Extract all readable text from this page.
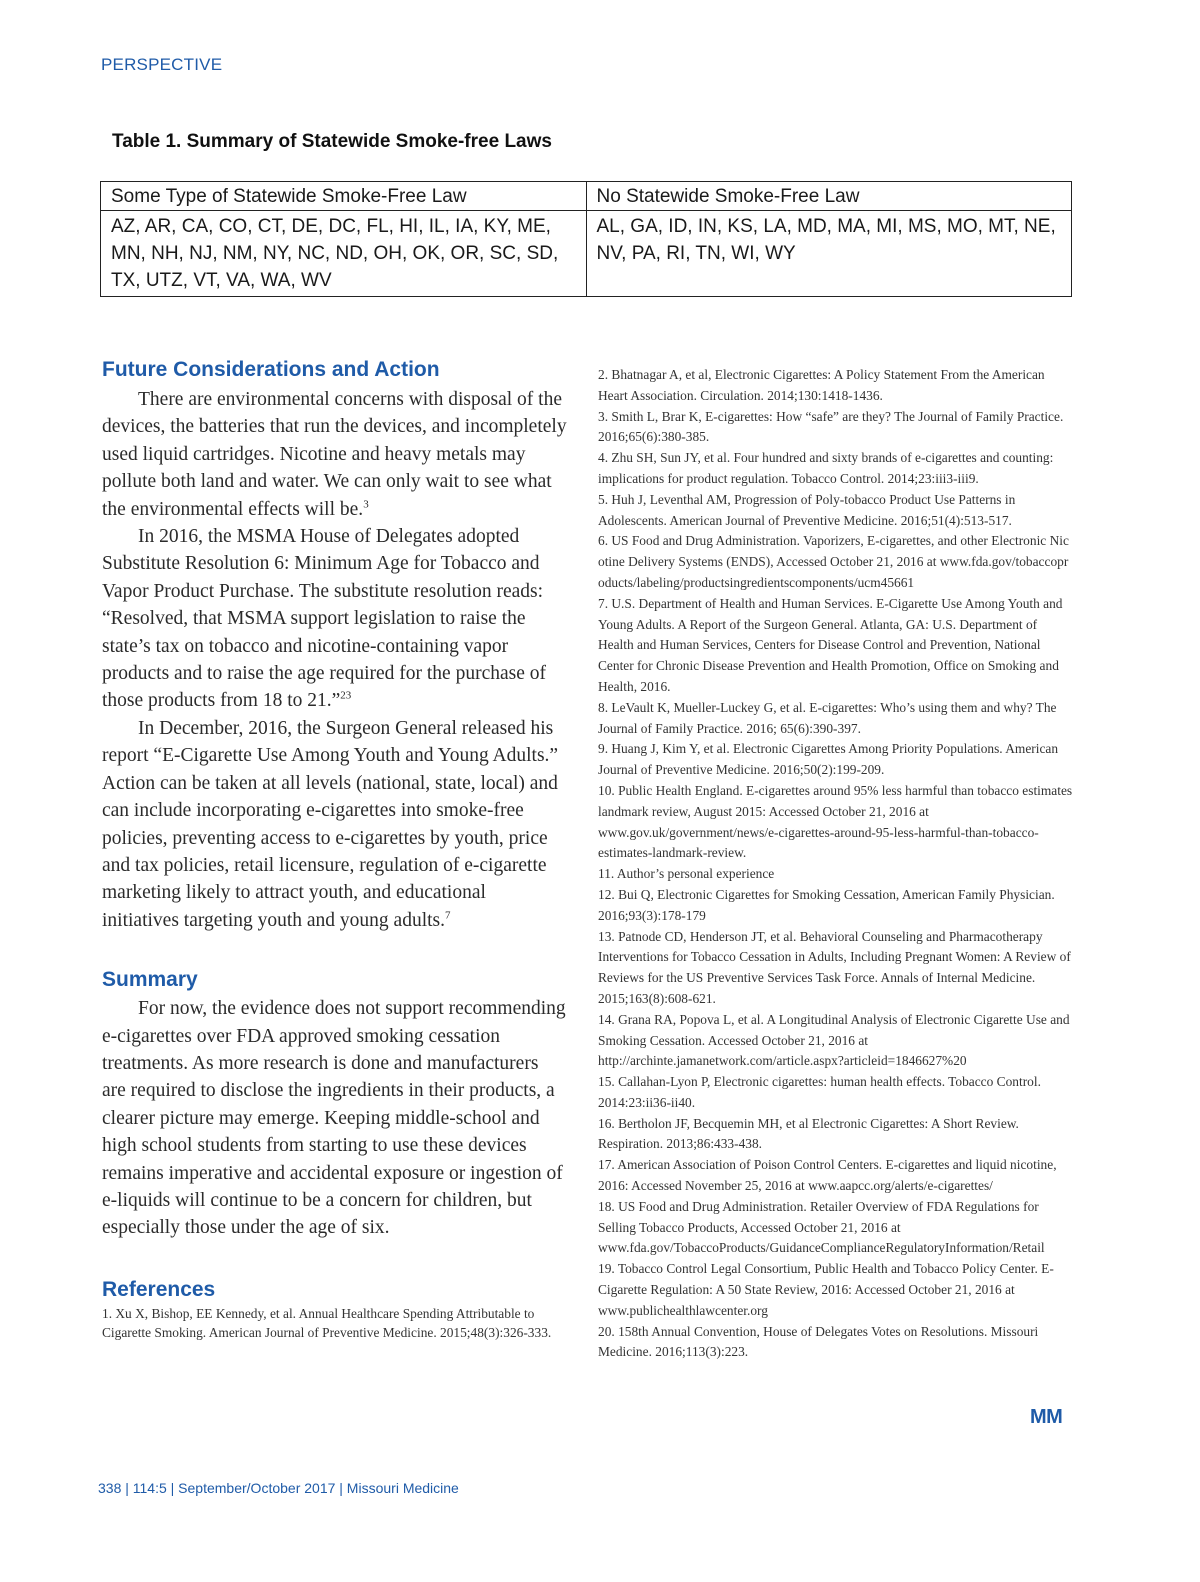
PERSPECTIVE
Table 1. Summary of Statewide Smoke-free Laws
Some Type of Statewide Smoke-Free Law	No Statewide Smoke-Free Law
AZ, AR, CA, CO, CT, DE, DC, FL, HI, IL, IA, KY, ME, MN, NH, NJ, NM, NY, NC, ND, OH, OK, OR, SC, SD, TX, UTZ, VT, VA, WA, WV	AL, GA, ID, IN, KS, LA, MD, MA, MI, MS, MO, MT, NE, NV, PA, RI, TN, WI, WY
Future Considerations and Action

There are environmental concerns with disposal of the devices, the batteries that run the devices, and incompletely used liquid cartridges. Nicotine and heavy metals may pollute both land and water. We can only wait to see what the environmental effects will be.$^3$

In 2016, the MSMA House of Delegates adopted Substitute Resolution 6: Minimum Age for Tobacco and Vapor Product Purchase. The substitute resolution reads: “Resolved, that MSMA support legislation to raise the state’s tax on tobacco and nicotine-containing vapor products and to raise the age required for the purchase of those products from 18 to 21.”$^{23}$

In December, 2016, the Surgeon General released his report “E-Cigarette Use Among Youth and Young Adults.” Action can be taken at all levels (national, state, local) and can include incorporating e-cigarettes into smoke-free policies, preventing access to e-cigarettes by youth, price and tax policies, retail licensure, regulation of e-cigarette marketing likely to attract youth, and educational initiatives targeting youth and young adults.$^7$

Summary

For now, the evidence does not support recommending e-cigarettes over FDA approved smoking cessation treatments. As more research is done and manufacturers are required to disclose the ingredients in their products, a clearer picture may emerge. Keeping middle-school and high school students from starting to use these devices remains imperative and accidental exposure or ingestion of e-liquids will continue to be a concern for children, but especially those under the age of six.

References
1. Xu X, Bishop, EE Kennedy, et al. Annual Healthcare Spending Attributable to Cigarette Smoking. American Journal of Preventive Medicine. 2015;48(3):326-333.
2. Bhatnagar A, et al, Electronic Cigarettes: A Policy Statement From the American Heart Association. Circulation. 2014;130:1418-1436.
3. Smith L, Brar K, E-cigarettes: How “safe” are they? The Journal of Family Practice. 2016;65(6):380-385.
4. Zhu SH, Sun JY, et al. Four hundred and sixty brands of e-cigarettes and counting: implications for product regulation. Tobacco Control. 2014;23:iii3-iii9.
5. Huh J, Leventhal AM, Progression of Poly-tobacco Product Use Patterns in Adolescents. American Journal of Preventive Medicine. 2016;51(4):513-517.
6. US Food and Drug Administration. Vaporizers, E-cigarettes, and other Electronic Nicotine Delivery Systems (ENDS), Accessed October 21, 2016 at www.fda.gov/tobaccoproducts/labeling/productsingredientscomponents/ucm45661
7. U.S. Department of Health and Human Services. E-Cigarette Use Among Youth and Young Adults. A Report of the Surgeon General. Atlanta, GA: U.S. Department of Health and Human Services, Centers for Disease Control and Prevention, National Center for Chronic Disease Prevention and Health Promotion, Office on Smoking and Health, 2016.
8. LeVault K, Mueller-Luckey G, et al. E-cigarettes: Who’s using them and why? The Journal of Family Practice. 2016; 65(6):390-397.
9. Huang J, Kim Y, et al. Electronic Cigarettes Among Priority Populations. American Journal of Preventive Medicine. 2016;50(2):199-209.
10. Public Health England. E-cigarettes around 95% less harmful than tobacco estimates landmark review, August 2015: Accessed October 21, 2016 at www.gov.uk/government/news/e-cigarettes-around-95-less-harmful-than-tobacco-estimates-landmark-review.
11. Author’s personal experience
12. Bui Q, Electronic Cigarettes for Smoking Cessation, American Family Physician. 2016;93(3):178-179
13. Patnode CD, Henderson JT, et al. Behavioral Counseling and Pharmacotherapy Interventions for Tobacco Cessation in Adults, Including Pregnant Women: A Review of Reviews for the US Preventive Services Task Force. Annals of Internal Medicine. 2015;163(8):608-621.
14. Grana RA, Popova L, et al. A Longitudinal Analysis of Electronic Cigarette Use and Smoking Cessation. Accessed October 21, 2016 at http://archinte.jamanetwork.com/article.aspx?articleid=1846627%20
15. Callahan-Lyon P, Electronic cigarettes: human health effects. Tobacco Control. 2014:23:ii36-ii40.
16. Bertholon JF, Becquemin MH, et al Electronic Cigarettes: A Short Review. Respiration. 2013;86:433-438.
17. American Association of Poison Control Centers. E-cigarettes and liquid nicotine, 2016: Accessed November 25, 2016 at www.aapcc.org/alerts/e-cigarettes/
18. US Food and Drug Administration. Retailer Overview of FDA Regulations for Selling Tobacco Products, Accessed October 21, 2016 at www.fda.gov/TobaccoProducts/GuidanceComplianceRegulatoryInformation/Retail
19. Tobacco Control Legal Consortium, Public Health and Tobacco Policy Center. E-Cigarette Regulation: A 50 State Review, 2016: Accessed October 21, 2016 at www.publichealthlawcenter.org
20. 158th Annual Convention, House of Delegates Votes on Resolutions. Missouri Medicine. 2016;113(3):223.
MM
338 | 114:5 | September/October 2017 | Missouri Medicine
